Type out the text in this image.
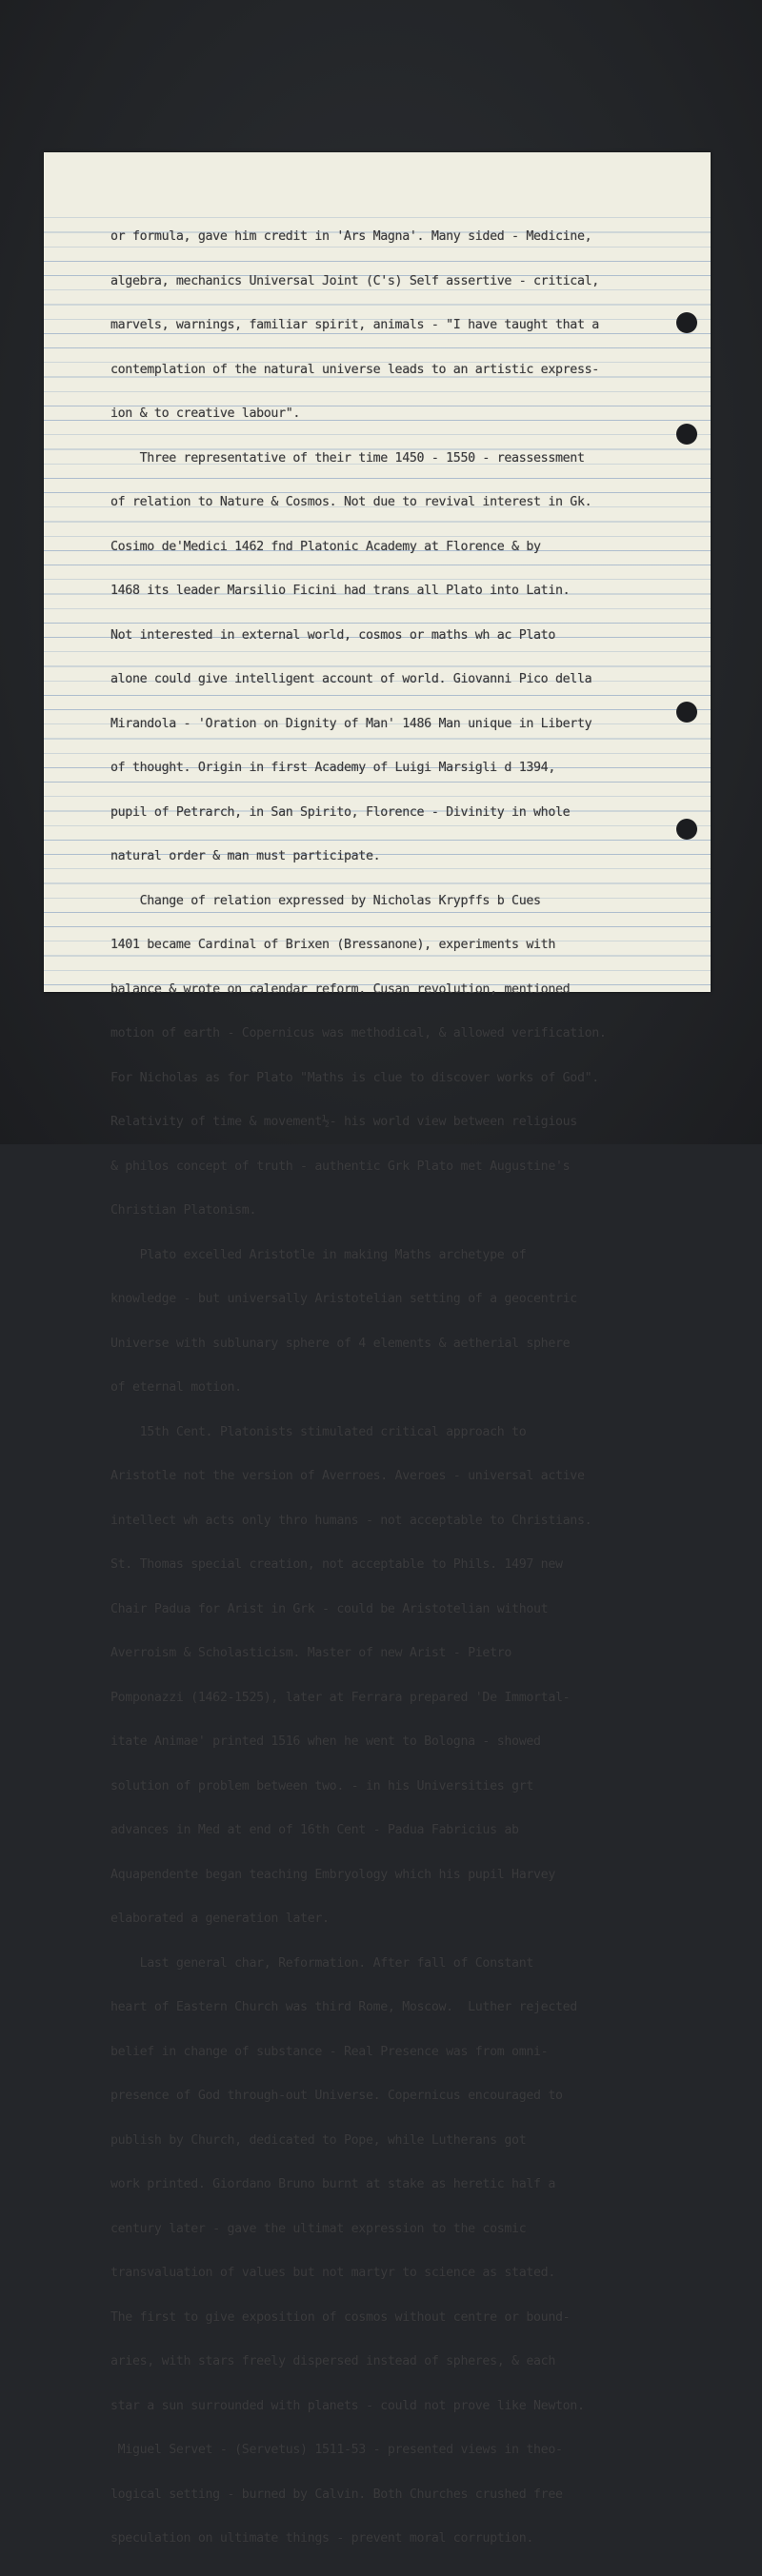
or formula, gave him credit in 'Ars Magna'. Many sided - Medicine,

algebra, mechanics Universal Joint (C's) Self assertive - critical,

marvels, warnings, familiar spirit, animals - "I have taught that a

contemplation of the natural universe leads to an artistic express-

ion & to creative labour".

Three representative of their time 1450 - 1550 - reassessment

of relation to Nature & Cosmos. Not due to revival interest in Gk.

Cosimo de'Medici 1462 fnd Platonic Academy at Florence & by

1468 its leader Marsilio Ficini had trans all Plato into Latin.

Not interested in external world, cosmos or maths wh ac Plato

alone could give intelligent account of world. Giovanni Pico della

Mirandola - 'Oration on Dignity of Man' 1486 Man unique in Liberty

of thought. Origin in first Academy of Luigi Marsigli d 1394,

pupil of Petrarch, in San Spirito, Florence - Divinity in whole

natural order & man must participate.

Change of relation expressed by Nicholas Krypffs b Cues

1401 became Cardinal of Brixen (Bressanone), experiments with

balance & wrote on calendar reform. Cusan revolution, mentioned

motion of earth - Copernicus was methodical, & allowed verification.

For Nicholas as for Plato "Maths is clue to discover works of God".

Relativity of time & movement½- his world view between religious

& philos concept of truth - authentic Grk Plato met Augustine's

Christian Platonism.

Plato excelled Aristotle in making Maths archetype of

knowledge - but universally Aristotelian setting of a geocentric

Universe with sublunary sphere of 4 elements & aetherial sphere

of eternal motion.

15th Cent. Platonists stimulated critical approach to

Aristotle not the version of Averroes. Averoes - universal active

intellect wh acts only thro humans - not acceptable to Christians.

St. Thomas special creation, not acceptable to Phils. 1497 new

Chair Padua for Arist in Grk - could be Aristotelian without

Averroism & Scholasticism. Master of new Arist - Pietro

Pomponazzi (1462-1525), later at Ferrara prepared 'De Immortal-

itate Animae' printed 1516 when he went to Bologna - showed

solution of problem between two. - in his Universities grt

advances in Med at end of 16th Cent - Padua Fabricius ab

Aquapendente began teaching Embryology which his pupil Harvey

elaborated a generation later.

Last general char, Reformation. After fall of Constant

heart of Eastern Church was third Rome, Moscow.  Luther rejected

belief in change of substance - Real Presence was from omni-

presence of God through-out Universe. Copernicus encouraged to

publish by Church, dedicated to Pope, while Lutherans got

work printed. Giordano Bruno burnt at stake as heretic half a

century later - gave the ultimat expression to the cosmic

transvaluation of values but not martyr to science as stated.

The first to give exposition of cosmos without centre or bound-

aries, with stars freely dispersed instead of spheres, & each

star a sun surrounded with planets - could not prove like Newton.

Miguel Servet - (Servetus) 1511-53 - presented views in theo-

logical setting - burned by Calvin. Both Churches crushed free

speculation on ultimate things - prevent moral corruption.
